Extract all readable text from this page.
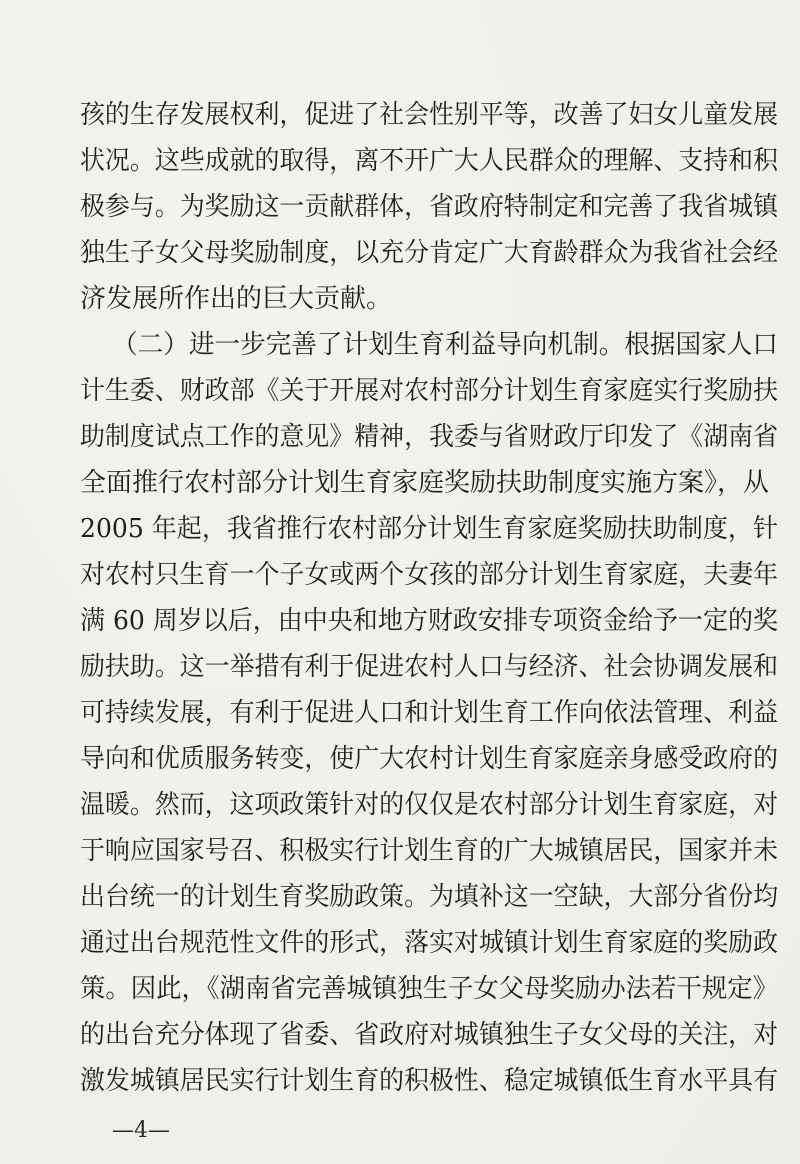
孩的生存发展权利，促进了社会性别平等，改善了妇女儿童发展
状况。这些成就的取得，离不开广大人民群众的理解、支持和积
极参与。为奖励这一贡献群体，省政府特制定和完善了我省城镇
独生子女父母奖励制度，以充分肯定广大育龄群众为我省社会经
济发展所作出的巨大贡献。
（二）进一步完善了计划生育利益导向机制。根据国家人口
计生委、财政部《关于开展对农村部分计划生育家庭实行奖励扶
助制度试点工作的意见》精神，我委与省财政厅印发了《湖南省
全面推行农村部分计划生育家庭奖励扶助制度实施方案》，从
2005 年起，我省推行农村部分计划生育家庭奖励扶助制度，针
对农村只生育一个子女或两个女孩的部分计划生育家庭，夫妻年
满 60 周岁以后，由中央和地方财政安排专项资金给予一定的奖
励扶助。这一举措有利于促进农村人口与经济、社会协调发展和
可持续发展，有利于促进人口和计划生育工作向依法管理、利益
导向和优质服务转变，使广大农村计划生育家庭亲身感受政府的
温暖。然而，这项政策针对的仅仅是农村部分计划生育家庭，对
于响应国家号召、积极实行计划生育的广大城镇居民，国家并未
出台统一的计划生育奖励政策。为填补这一空缺，大部分省份均
通过出台规范性文件的形式，落实对城镇计划生育家庭的奖励政
策。因此，《湖南省完善城镇独生子女父母奖励办法若干规定》
的出台充分体现了省委、省政府对城镇独生子女父母的关注，对
激发城镇居民实行计划生育的积极性、稳定城镇低生育水平具有
—4—
